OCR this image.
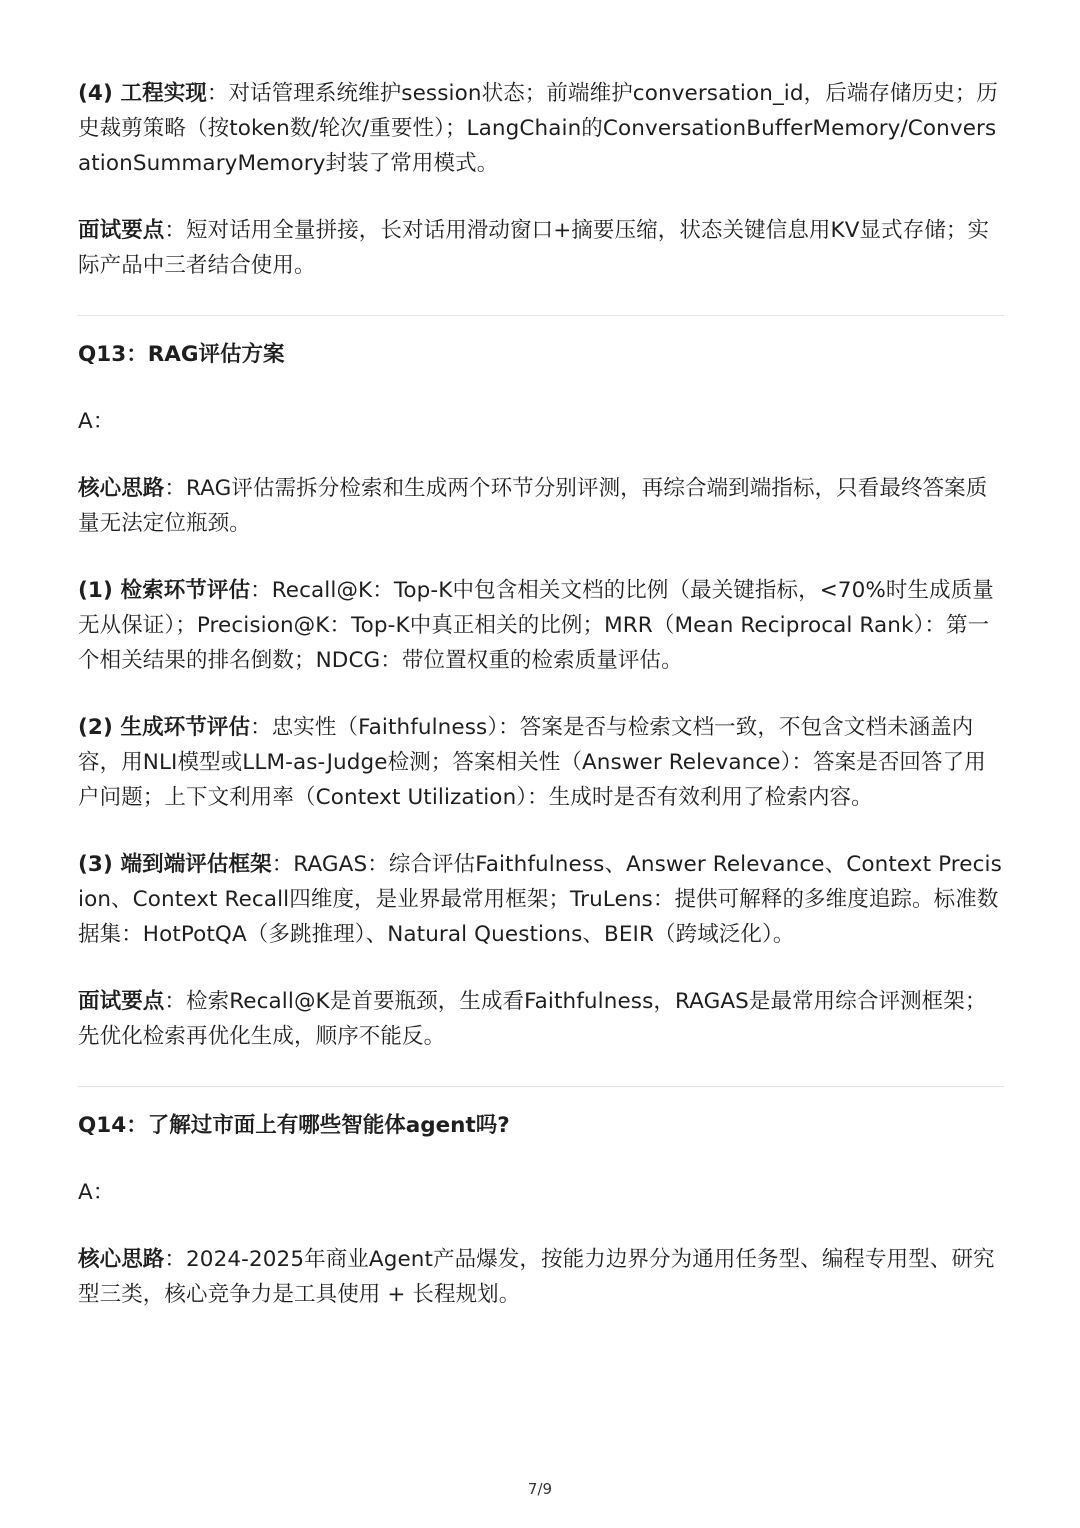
(4) 工程实现：对话管理系统维护session状态；前端维护conversation_id，后端存储历史；历史裁剪策略（按token数/轮次/重要性）；LangChain的ConversationBufferMemory/ConversationSummaryMemory封装了常用模式。

面试要点：短对话用全量拼接，长对话用滑动窗口+摘要压缩，状态关键信息用KV显式存储；实际产品中三者结合使用。

Q13：RAG评估方案

A：

核心思路：RAG评估需拆分检索和生成两个环节分别评测，再综合端到端指标，只看最终答案质量无法定位瓶颈。

(1) 检索环节评估：Recall@K：Top-K中包含相关文档的比例（最关键指标，<70%时生成质量无从保证）；Precision@K：Top-K中真正相关的比例；MRR（Mean Reciprocal Rank）：第一个相关结果的排名倒数；NDCG：带位置权重的检索质量评估。

(2) 生成环节评估：忠实性（Faithfulness）：答案是否与检索文档一致，不包含文档未涵盖内容，用NLI模型或LLM-as-Judge检测；答案相关性（Answer Relevance）：答案是否回答了用户问题；上下文利用率（Context Utilization）：生成时是否有效利用了检索内容。

(3) 端到端评估框架：RAGAS：综合评估Faithfulness、Answer Relevance、Context Precision、Context Recall四维度，是业界最常用框架；TruLens：提供可解释的多维度追踪。标准数据集：HotPotQA（多跳推理）、Natural Questions、BEIR（跨域泛化）。

面试要点：检索Recall@K是首要瓶颈，生成看Faithfulness，RAGAS是最常用综合评测框架；先优化检索再优化生成，顺序不能反。

Q14：了解过市面上有哪些智能体agent吗?

A：

核心思路：2024-2025年商业Agent产品爆发，按能力边界分为通用任务型、编程专用型、研究型三类，核心竞争力是工具使用 + 长程规划。

7/9
